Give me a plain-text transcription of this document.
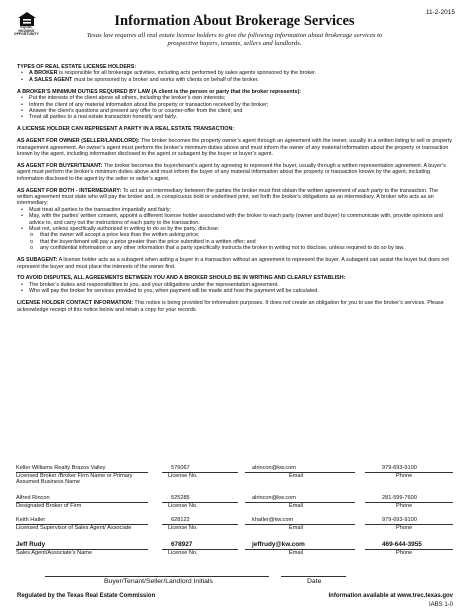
11-2-2015
EQUAL HOUSING OPPORTUNITY
Information About Brokerage Services
Texas law requires all real estate license holders to give the following information about brokerage services to prospective buyers, tenants, sellers and landlords.

TYPES OF REAL ESTATE LICENSE HOLDERS:

• A BROKER is responsible for all brokerage activities, including acts performed by sales agents sponsored by the broker.
• A SALES AGENT must be sponsored by a broker and works with clients on behalf of the broker.

A BROKER’S MINIMUM DUTIES REQUIRED BY LAW (A client is the person or party that the broker represents):

• Put the interests of the client above all others, including the broker’s own interests;
• Inform the client of any material information about the property or transaction received by the broker;
• Answer the client’s questions and present any offer to or counter-offer from the client; and
• Treat all parties to a real estate transaction honestly and fairly.

A LICENSE HOLDER CAN REPRESENT A PARTY IN A REAL ESTATE TRANSACTION:

AS AGENT FOR OWNER (SELLER/LANDLORD): The broker becomes the property owner’s agent through an agreement with the owner, usually in a written listing to sell or property management agreement. An owner’s agent must perform the broker’s minimum duties above and must inform the owner of any material information about the property or transaction known by the agent, including information disclosed to the agent or subagent by the buyer or buyer’s agent.

AS AGENT FOR BUYER/TENANT: The broker becomes the buyer/tenant’s agent by agreeing to represent the buyer, usually through a written representation agreement. A buyer’s agent must perform the broker’s minimum duties above and must inform the buyer of any material information about the property or transaction known by the agent, including information disclosed to the agent by the seller or seller’s agent.

AS AGENT FOR BOTH - INTERMEDIARY: To act as an intermediary between the parties the broker must first obtain the written agreement of each party to the transaction. The written agreement must state who will pay the broker and, in conspicuous bold or underlined print, set forth the broker’s obligations as an intermediary. A broker who acts as an intermediary:

• Must treat all parties to the transaction impartially and fairly;
• May, with the parties’ written consent, appoint a different license holder associated with the broker to each party (owner and buyer) to communicate with, provide opinions and advice to, and carry out the instructions of each party to the transaction.
• Must not, unless specifically authorized in writing to do so by the party, disclose:
o that the owner will accept a price less than the written asking price;
o that the buyer/tenant will pay a price greater than the price submitted in a written offer; and
o any confidential information or any other information that a party specifically instructs the broker in writing not to disclose, unless required to do so by law.

AS SUBAGENT: A license holder acts as a subagent when aiding a buyer in a transaction without an agreement to represent the buyer. A subagent can assist the buyer but does not represent the buyer and must place the interests of the owner first.

TO AVOID DISPUTES, ALL AGREEMENTS BETWEEN YOU AND A BROKER SHOULD BE IN WRITING AND CLEARLY ESTABLISH:

• The broker’s duties and responsibilities to you, and your obligations under the representation agreement.
• Who will pay the broker for services provided to you, when payment will be made and how the payment will be calculated.

LICENSE HOLDER CONTACT INFORMATION: This notice is being provided for information purposes. It does not create an obligation for you to use the broker’s services. Please acknowledge receipt of this notice below and retain a copy for your records.

Keller Williams Realty Brazos Valley	576067	alrincon@kw.com	979-693-9100
Licensed Broker /Broker Firm Name or Primary Assumed Business Name
License No.	Email	Phone
Alfred Rincon	525285	alrincon@kw.com	281-599-7600
Designated Broker of Firm	License No.	Email	Phone
Keith Hatler	628122	khatler@kw.com	979-693-9100
Licensed Supervisor of Sales Agent/ Associate	License No.	Email	Phone
Jeff Rudy	678927	jeffrudy@kw.com	469-644-3955
Sales Agent/Associate’s Name	License No.	Email	Phone
Buyer/Tenant/Seller/Landlord Initials	Date
Regulated by the Texas Real Estate Commission	Information available at www.trec.texas.gov
IABS 1-0
